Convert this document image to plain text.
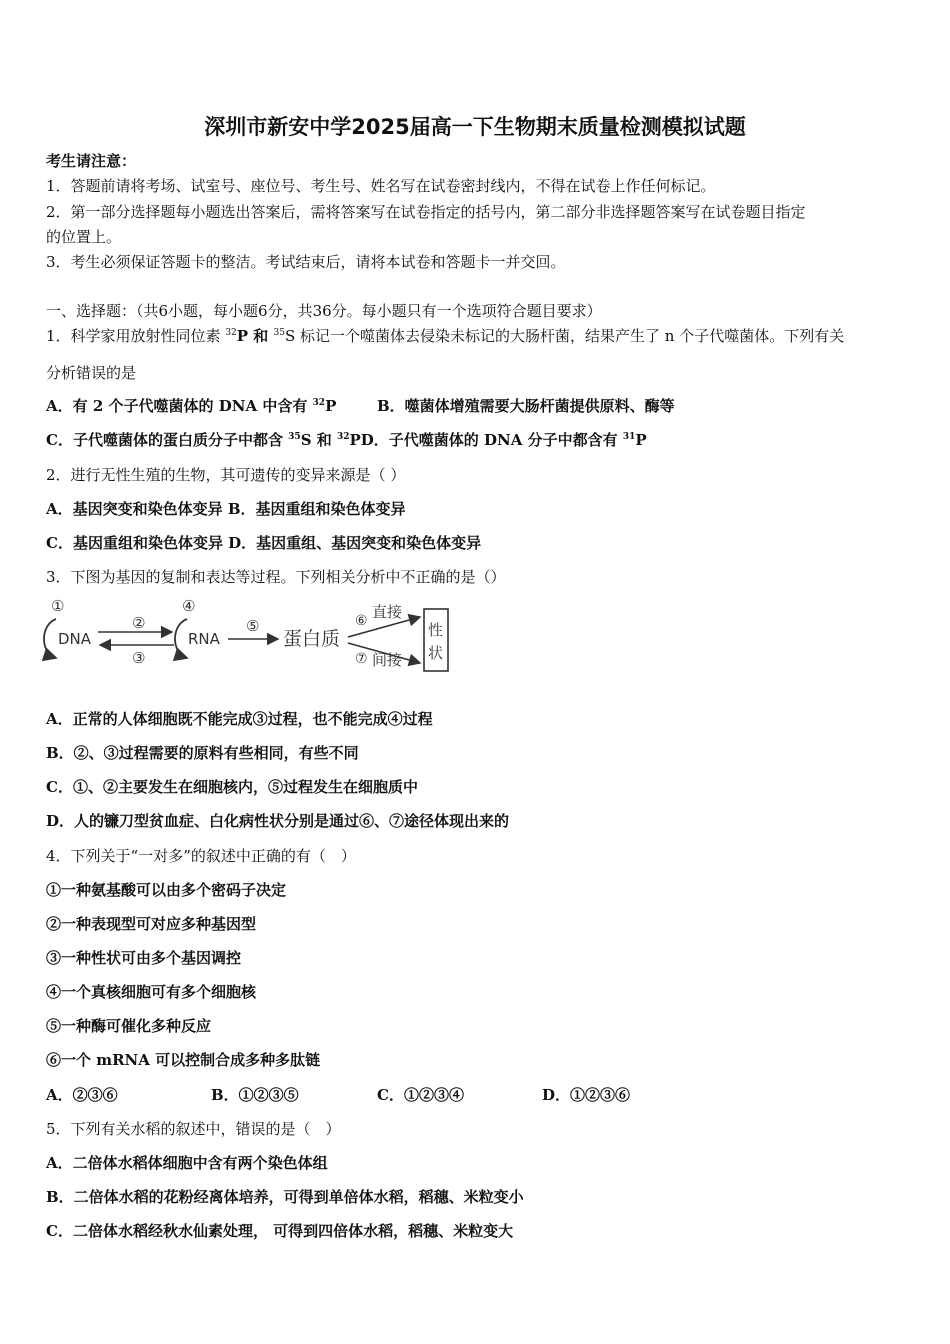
深圳市新安中学2025届高一下生物期末质量检测模拟试题
考生请注意：
1．答题前请将考场、试室号、座位号、考生号、姓名写在试卷密封线内，不得在试卷上作任何标记。
2．第一部分选择题每小题选出答案后，需将答案写在试卷指定的括号内，第二部分非选择题答案写在试卷题目指定
的位置上。
3．考生必须保证答题卡的整洁。考试结束后，请将本试卷和答题卡一并交回。
一、选择题：（共6小题，每小题6分，共36分。每小题只有一个选项符合题目要求）
1．科学家用放射性同位素 $^{32}$P 和 $^{35}$S 标记一个噬菌体去侵染未标记的大肠杆菌，结果产生了 n 个子代噬菌体。下列有关
分析错误的是
A．有 2 个子代噬菌体的 DNA 中含有 $^{32}$P	B．噬菌体增殖需要大肠杆菌提供原料、酶等
C．子代噬菌体的蛋白质分子中都含 $^{35}$S 和 $^{32}$PD．子代噬菌体的 DNA 分子中都含有 $^{31}$P
2．进行无性生殖的生物，其可遗传的变异来源是（ ）
A．基因突变和染色体变异 B．基因重组和染色体变异
C．基因重组和染色体变异 D．基因重组、基因突变和染色体变异
3．下图为基因的复制和表达等过程。下列相关分析中不正确的是（）
①
②
③
④
⑤	⑥
⑦
DNA	RNA	蛋白质
直接
间接
性
状
A．正常的人体细胞既不能完成③过程，也不能完成④过程
B．②、③过程需要的原料有些相同，有些不同
C．①、②主要发生在细胞核内，⑤过程发生在细胞质中
D．人的镰刀型贫血症、白化病性状分别是通过⑥、⑦途径体现出来的
4．下列关于“一对多”的叙述中正确的有（　）
①一种氨基酸可以由多个密码子决定
②一种表现型可对应多种基因型
③一种性状可由多个基因调控
④一个真核细胞可有多个细胞核
⑤一种酶可催化多种反应
⑥一个 mRNA 可以控制合成多种多肽链
A．②③⑥	B．①②③⑤	C．①②③④	D．①②③⑥
5．下列有关水稻的叙述中，错误的是（　）
A．二倍体水稻体细胞中含有两个染色体组
B．二倍体水稻的花粉经离体培养，可得到单倍体水稻，稻穗、米粒变小
C．二倍体水稻经秋水仙素处理， 可得到四倍体水稻，稻穗、米粒变大
